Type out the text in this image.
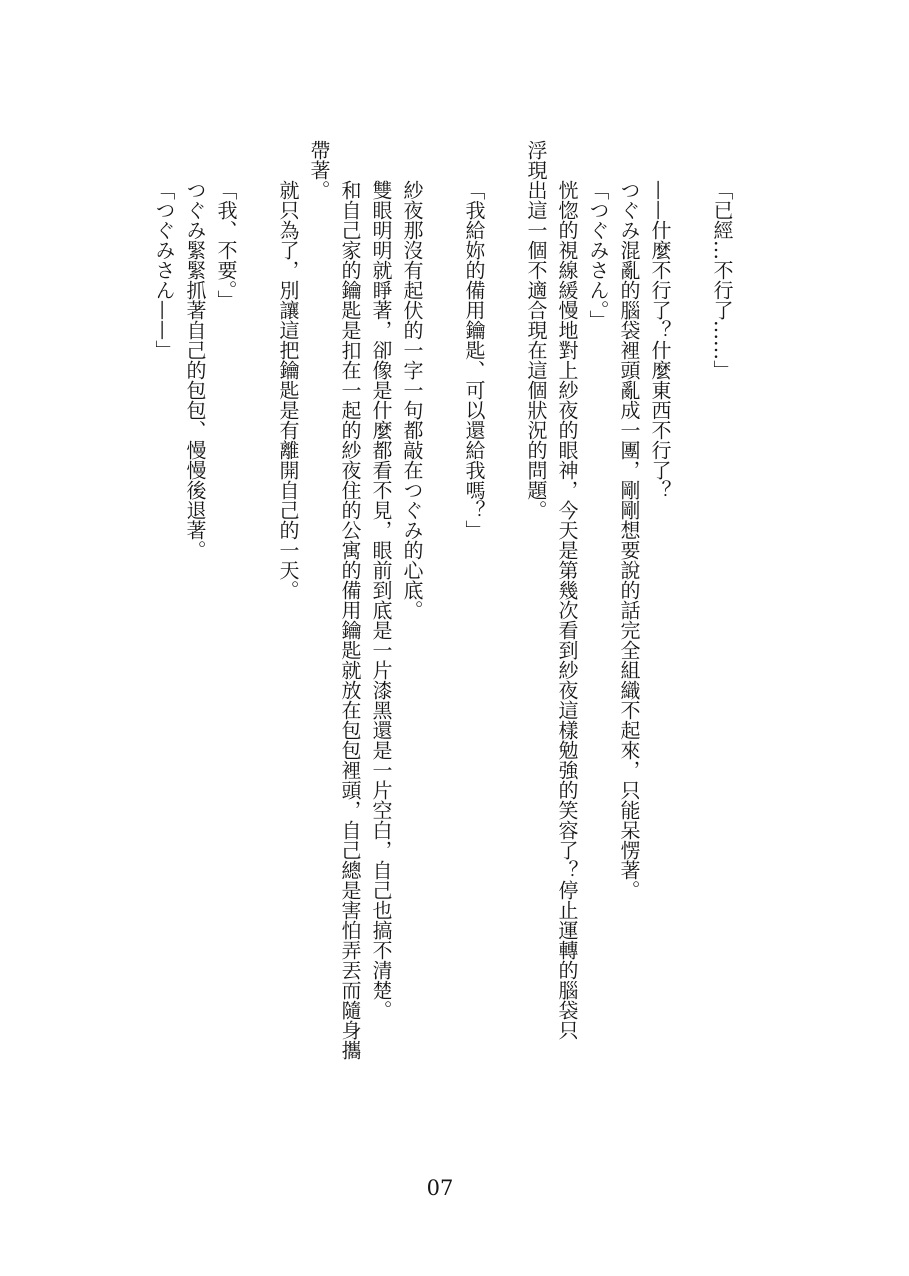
「已經…不行了……」
——什麼不行了？什麼東西不行了？
つぐみ混亂的腦袋裡頭亂成一團，剛剛想要說的話完全組織不起來，只能呆愣著。
「つぐみさん。」
恍惚的視線緩慢地對上紗夜的眼神，今天是第幾次看到紗夜這樣勉強的笑容了？停止運轉的腦袋只
浮現出這一個不適合現在這個狀況的問題。
「我給妳的備用鑰匙、可以還給我嗎？」
紗夜那沒有起伏的一字一句都敲在つぐみ的心底。
雙眼明明就睜著，卻像是什麼都看不見，眼前到底是一片漆黑還是一片空白，自己也搞不清楚。
和自己家的鑰匙是扣在一起的紗夜住的公寓的備用鑰匙就放在包包裡頭，自己總是害怕弄丟而隨身攜
帶著。
就只為了，別讓這把鑰匙是有離開自己的一天。
「我、不要。」
つぐみ緊緊抓著自己的包包、慢慢後退著。
「つぐみさん——」
07
